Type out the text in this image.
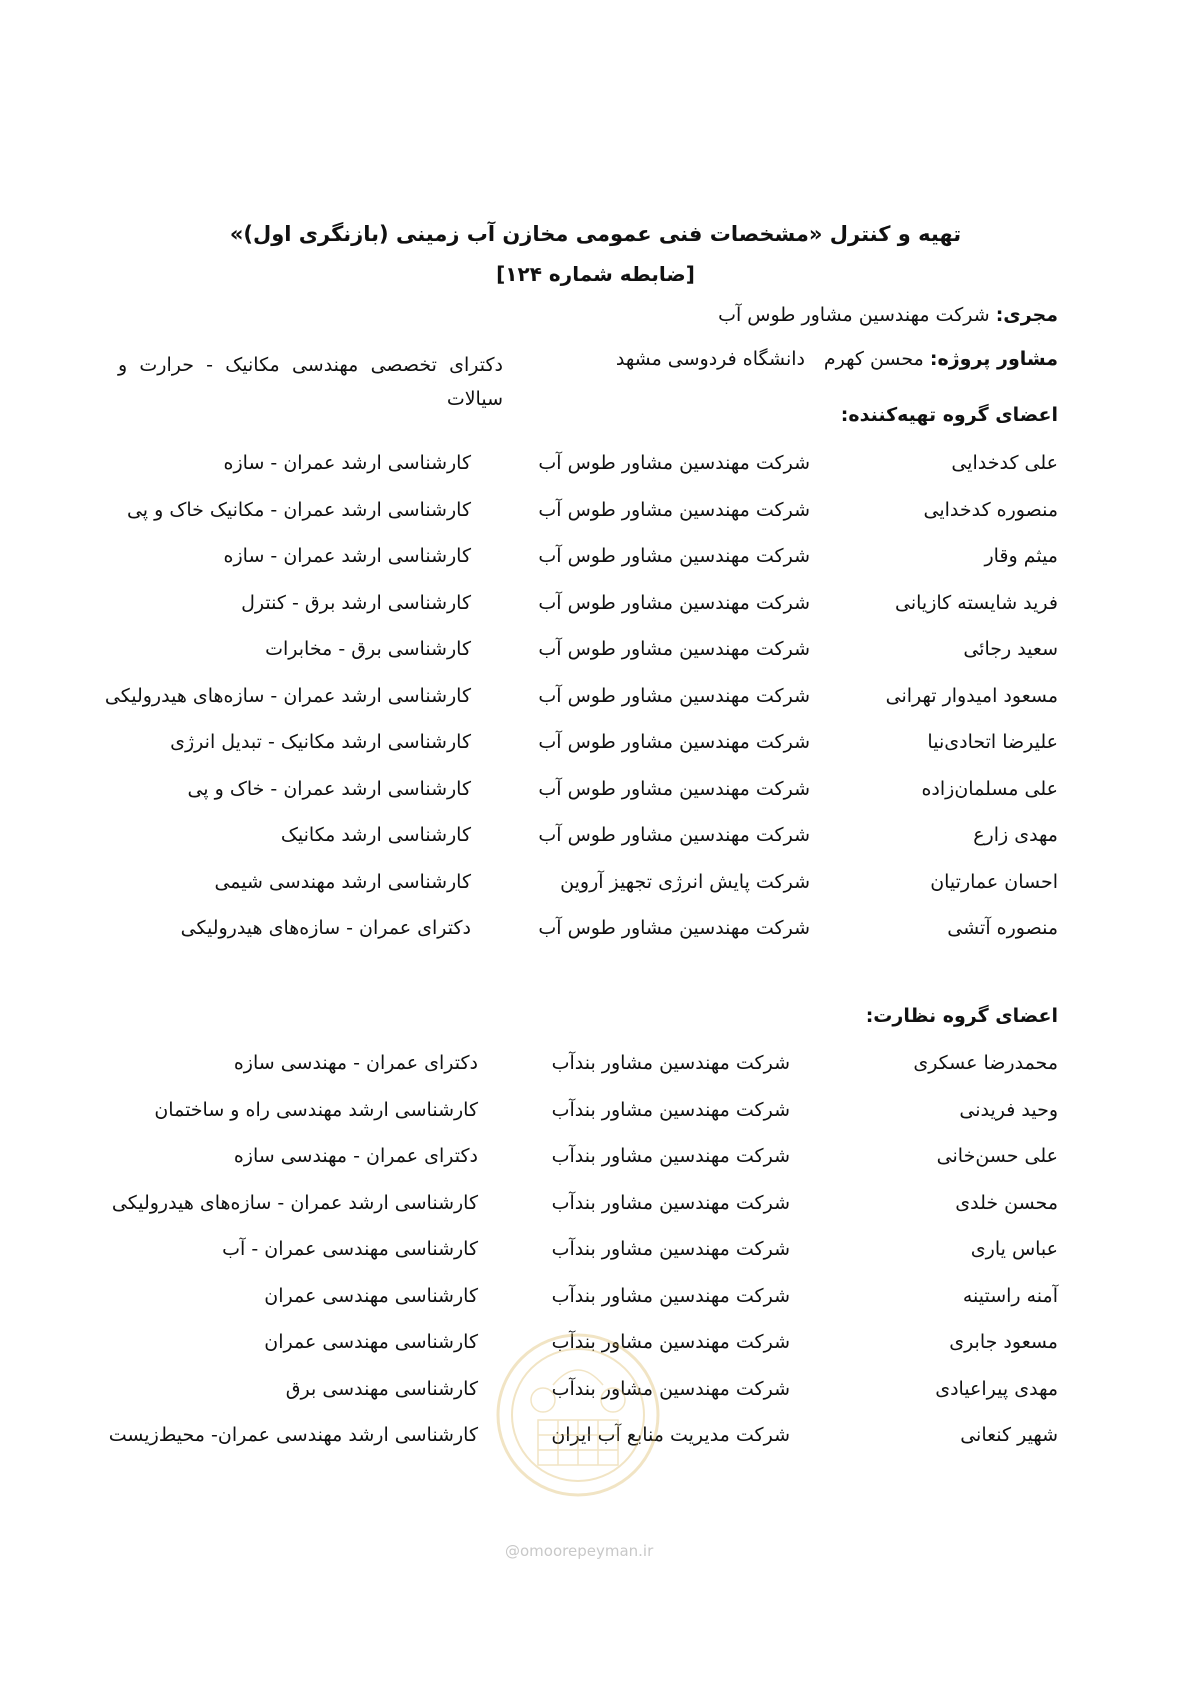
تهیه و کنترل «مشخصات فنی عمومی مخازن آب زمینی (بازنگری اول)»
[ضابطه شماره ۱۲۴]
مجری: شرکت مهندسین مشاور طوس آب
مشاور پروژه: محسن کهرم
دانشگاه فردوسی مشهد
دکترای تخصصی مهندسی مکانیک - حرارت و سیالات
اعضای گروه تهیه‌کننده:
علی کدخدایی
شرکت مهندسین مشاور طوس آب
کارشناسی ارشد عمران - سازه
منصوره کدخدایی
شرکت مهندسین مشاور طوس آب
کارشناسی ارشد عمران - مکانیک خاک و پی
میثم وقار
شرکت مهندسین مشاور طوس آب
کارشناسی ارشد عمران - سازه
فرید شایسته کازیانی
شرکت مهندسین مشاور طوس آب
کارشناسی ارشد برق - کنترل
سعید رجائی
شرکت مهندسین مشاور طوس آب
کارشناسی برق - مخابرات
مسعود امیدوار تهرانی
شرکت مهندسین مشاور طوس آب
کارشناسی ارشد عمران - سازه‌های هیدرولیکی
علیرضا اتحادی‌نیا
شرکت مهندسین مشاور طوس آب
کارشناسی ارشد مکانیک - تبدیل انرژی
علی مسلمان‌زاده
شرکت مهندسین مشاور طوس آب
کارشناسی ارشد عمران - خاک و پی
مهدی زارع
شرکت مهندسین مشاور طوس آب
کارشناسی ارشد مکانیک
احسان عمارتیان
شرکت پایش انرژی تجهیز آروین
کارشناسی ارشد مهندسی شیمی
منصوره آتشی
شرکت مهندسین مشاور طوس آب
دکترای عمران - سازه‌های هیدرولیکی
اعضای گروه نظارت:
محمدرضا عسکری
شرکت مهندسین مشاور بندآب
دکترای عمران - مهندسی سازه
وحید فریدنی
شرکت مهندسین مشاور بندآب
کارشناسی ارشد مهندسی راه و ساختمان
علی حسن‌خانی
شرکت مهندسین مشاور بندآب
دکترای عمران - مهندسی سازه
محسن خلدی
شرکت مهندسین مشاور بندآب
کارشناسی ارشد عمران - سازه‌های هیدرولیکی
عباس یاری
شرکت مهندسین مشاور بندآب
کارشناسی مهندسی عمران - آب
آمنه راستینه
شرکت مهندسین مشاور بندآب
کارشناسی مهندسی عمران
مسعود جابری
شرکت مهندسین مشاور بندآب
کارشناسی مهندسی عمران
مهدی پیراعیادی
شرکت مهندسین مشاور بندآب
کارشناسی مهندسی برق
شهیر کنعانی
شرکت مدیریت منابع آب ایران
کارشناسی ارشد مهندسی عمران- محیط‌زیست
@omoorepeyman.ir
